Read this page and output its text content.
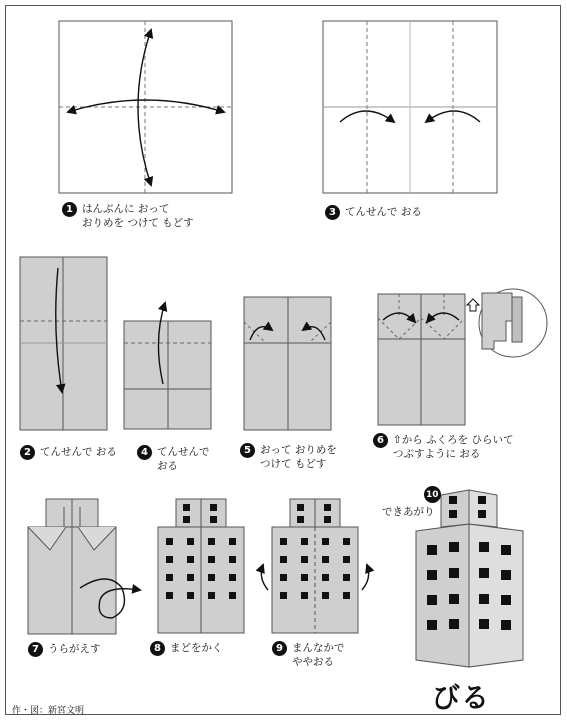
1 はんぶんに おって
おりめを つけて もどす
2 てんせんで おる
3 てんせんで おる
4 てんせんで
おる
5 おって おりめを
つけて もどす
6 ⇧から ふくろを ひらいて
つぶすように おる
7 うらがえす	8 まどをかく	9 まんなかで
ややおる
10
できあがり
びる
作・図：新宮文明
